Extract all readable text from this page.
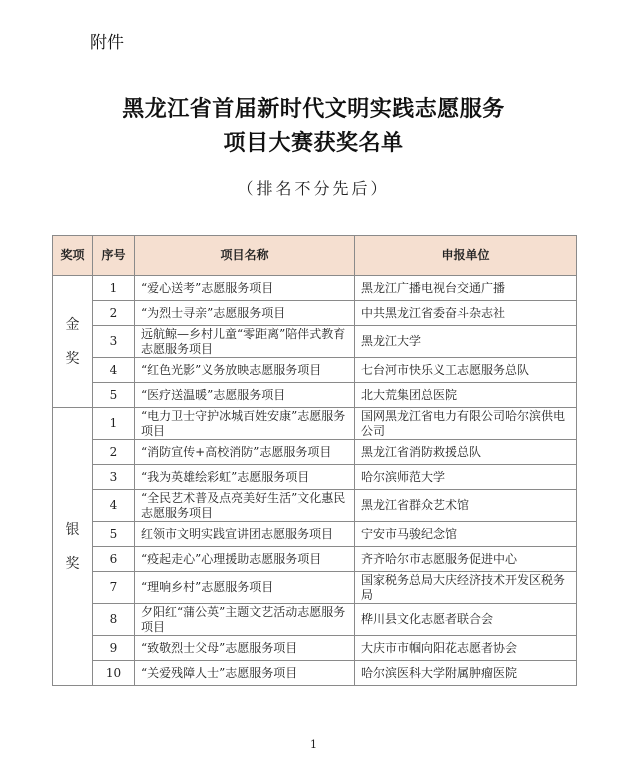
附件
黑龙江省首届新时代文明实践志愿服务
项目大赛获奖名单
（排名不分先后）
奖项	序号	项目名称	申报单位
金奖	1	“爱心送考”志愿服务项目	黑龙江广播电视台交通广播
	2	“为烈士寻亲”志愿服务项目	中共黑龙江省委奋斗杂志社
	3	远航鲸—乡村儿童“零距离”陪伴式教育志愿服务项目	黑龙江大学
	4	“红色光影”义务放映志愿服务项目	七台河市快乐义工志愿服务总队
	5	“医疗送温暖”志愿服务项目	北大荒集团总医院
银奖	1	“电力卫士守护冰城百姓安康”志愿服务项目	国网黑龙江省电力有限公司哈尔滨供电公司
	2	“消防宣传+高校消防”志愿服务项目	黑龙江省消防救援总队
	3	“我为英雄绘彩虹”志愿服务项目	哈尔滨师范大学
	4	“全民艺术普及点亮美好生活”文化惠民志愿服务项目	黑龙江省群众艺术馆
	5	红领市文明实践宣讲团志愿服务项目	宁安市马骏纪念馆
	6	“疫起走心”心理援助志愿服务项目	齐齐哈尔市志愿服务促进中心
	7	“理响乡村”志愿服务项目	国家税务总局大庆经济技术开发区税务局
	8	夕阳红“蒲公英”主题文艺活动志愿服务项目	桦川县文化志愿者联合会
	9	“致敬烈士父母”志愿服务项目	大庆市市帼向阳花志愿者协会
	10	“关爱残障人士”志愿服务项目	哈尔滨医科大学附属肿瘤医院
1
